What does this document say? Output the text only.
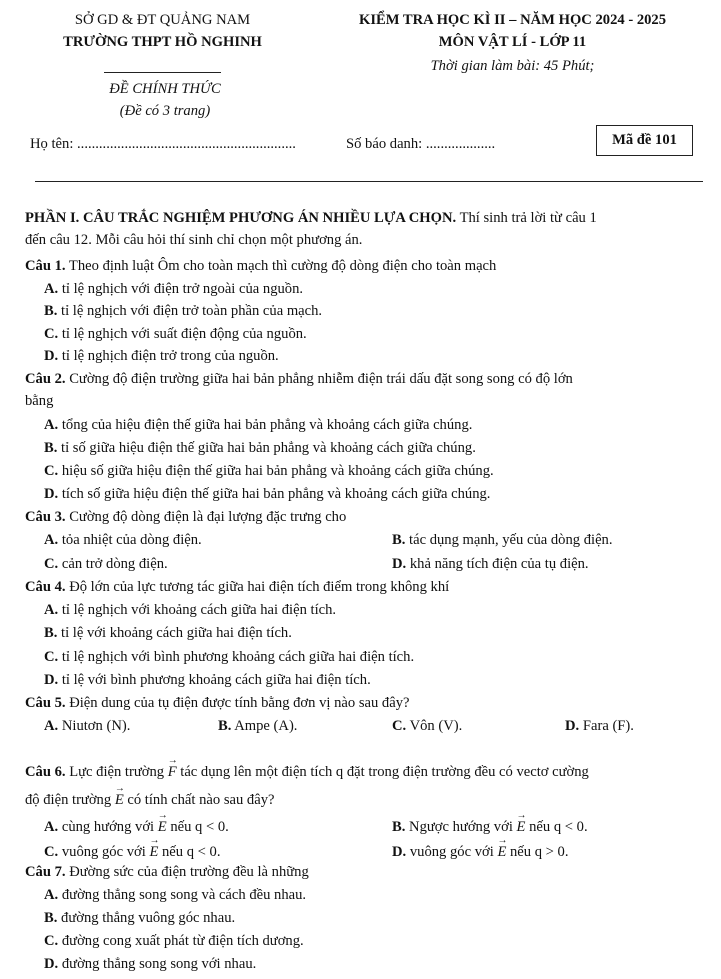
SỞ GD & ĐT QUẢNG NAM
TRƯỜNG THPT HỒ NGHINH
ĐỀ CHÍNH THỨC
(Đề có 3 trang)
KIỂM TRA HỌC KÌ II – NĂM HỌC 2024 - 2025
MÔN VẬT LÍ - LỚP 11
Thời gian làm bài: 45 Phút;
Họ tên: ............................................................	Số báo danh: ...................	Mã đề 101
PHẦN I. CÂU TRẮC NGHIỆM PHƯƠNG ÁN NHIỀU LỰA CHỌN. Thí sinh trả lời từ câu 1
đến câu 12. Mỗi câu hỏi thí sinh chỉ chọn một phương án.
Câu 1. Theo định luật Ôm cho toàn mạch thì cường độ dòng điện cho toàn mạch
A. tỉ lệ nghịch với điện trở ngoài của nguồn.
B. tỉ lệ nghịch với điện trở toàn phần của mạch.
C. tỉ lệ nghịch với suất điện động của nguồn.
D. tỉ lệ nghịch điện trở trong của nguồn.
Câu 2. Cường độ điện trường giữa hai bản phẳng nhiễm điện trái dấu đặt song song có độ lớn
bằng
A. tổng của hiệu điện thế giữa hai bản phẳng và khoảng cách giữa chúng.
B. tỉ số giữa hiệu điện thế giữa hai bản phẳng và khoảng cách giữa chúng.
C. hiệu số giữa hiệu điện thế giữa hai bản phẳng và khoảng cách giữa chúng.
D. tích số giữa hiệu điện thế giữa hai bản phẳng và khoảng cách giữa chúng.
Câu 3. Cường độ dòng điện là đại lượng đặc trưng cho
A. tỏa nhiệt của dòng điện.	B. tác dụng mạnh, yếu của dòng điện.
C. cản trở dòng điện.	D. khả năng tích điện của tụ điện.
Câu 4. Độ lớn của lực tương tác giữa hai điện tích điểm trong không khí
A. tỉ lệ nghịch với khoảng cách giữa hai điện tích.
B. tỉ lệ với khoảng cách giữa hai điện tích.
C. tỉ lệ nghịch với bình phương khoảng cách giữa hai điện tích.
D. tỉ lệ với bình phương khoảng cách giữa hai điện tích.
Câu 5. Điện dung của tụ điện được tính bằng đơn vị nào sau đây?
A. Niutơn (N).	B. Ampe (A).	C. Vôn (V).	D. Fara (F).
Câu 6. Lực điện trường → F tác dụng lên một điện tích q đặt trong điện trường đều có vectơ cường
độ điện trường → E có tính chất nào sau đây?
A. cùng hướng với → E nếu q < 0.	B. Ngược hướng với → E nếu q < 0.
C. vuông góc với → E nếu q < 0.	D. vuông góc với → E nếu q > 0.
Câu 7. Đường sức của điện trường đều là những
A. đường thẳng song song và cách đều nhau.
B. đường thẳng vuông góc nhau.
C. đường cong xuất phát từ điện tích dương.
D. đường thẳng song song với nhau.
